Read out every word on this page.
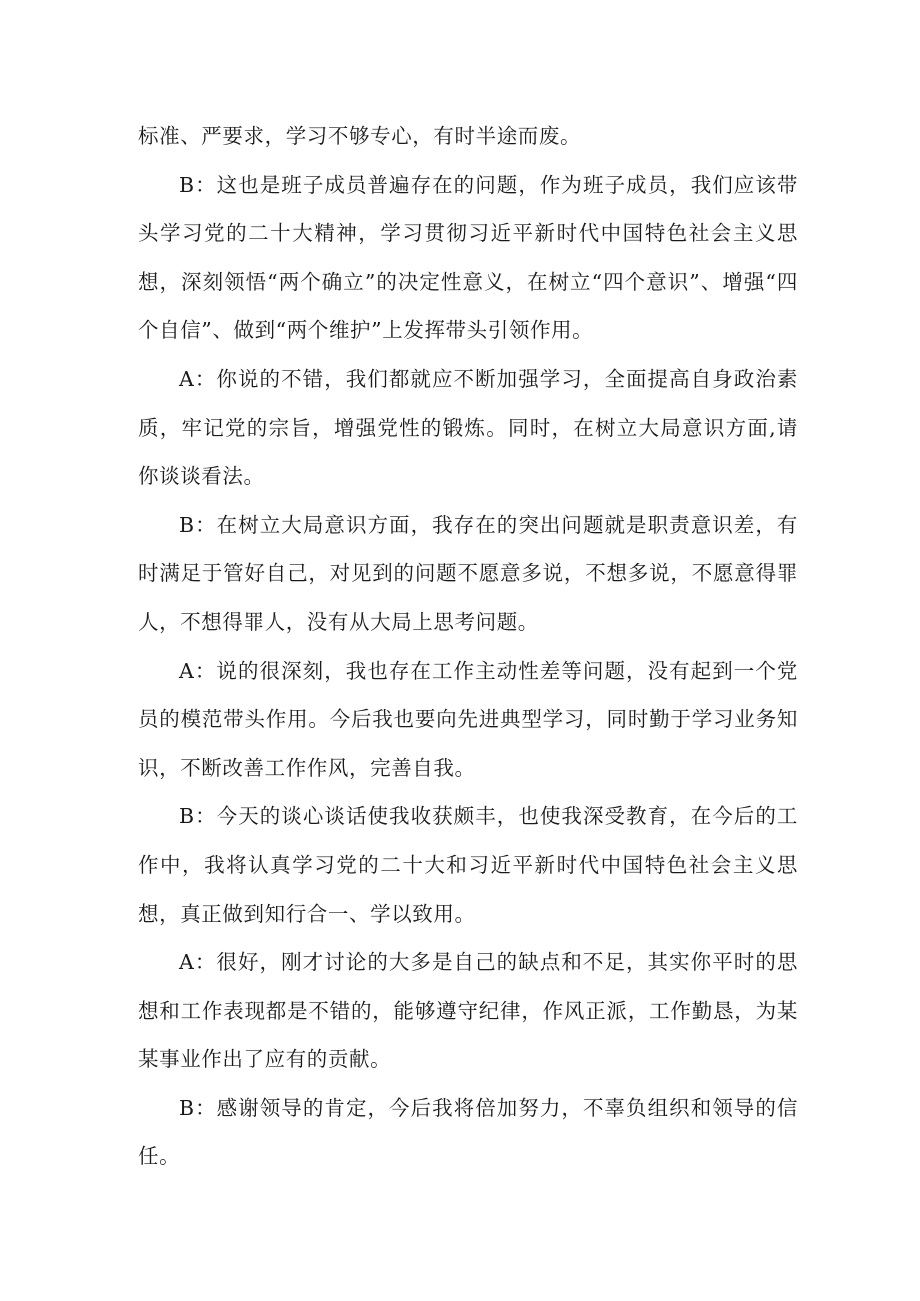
标准、严要求，学习不够专心，有时半途而废。

B：这也是班子成员普遍存在的问题，作为班子成员，我们应该带头学习党的二十大精神，学习贯彻习近平新时代中国特色社会主义思想，深刻领悟“两个确立”的决定性意义，在树立“四个意识”、增强“四个自信”、做到“两个维护”上发挥带头引领作用。

A：你说的不错，我们都就应不断加强学习，全面提高自身政治素质，牢记党的宗旨，增强党性的锻炼。同时，在树立大局意识方面,请你谈谈看法。

B：在树立大局意识方面，我存在的突出问题就是职责意识差，有时满足于管好自己，对见到的问题不愿意多说，不想多说，不愿意得罪人，不想得罪人，没有从大局上思考问题。

A：说的很深刻，我也存在工作主动性差等问题，没有起到一个党员的模范带头作用。今后我也要向先进典型学习，同时勤于学习业务知识，不断改善工作作风，完善自我。

B：今天的谈心谈话使我收获颇丰，也使我深受教育，在今后的工作中，我将认真学习党的二十大和习近平新时代中国特色社会主义思想，真正做到知行合一、学以致用。

A：很好，刚才讨论的大多是自己的缺点和不足，其实你平时的思想和工作表现都是不错的，能够遵守纪律，作风正派，工作勤恳，为某某事业作出了应有的贡献。

B：感谢领导的肯定，今后我将倍加努力，不辜负组织和领导的信任。
